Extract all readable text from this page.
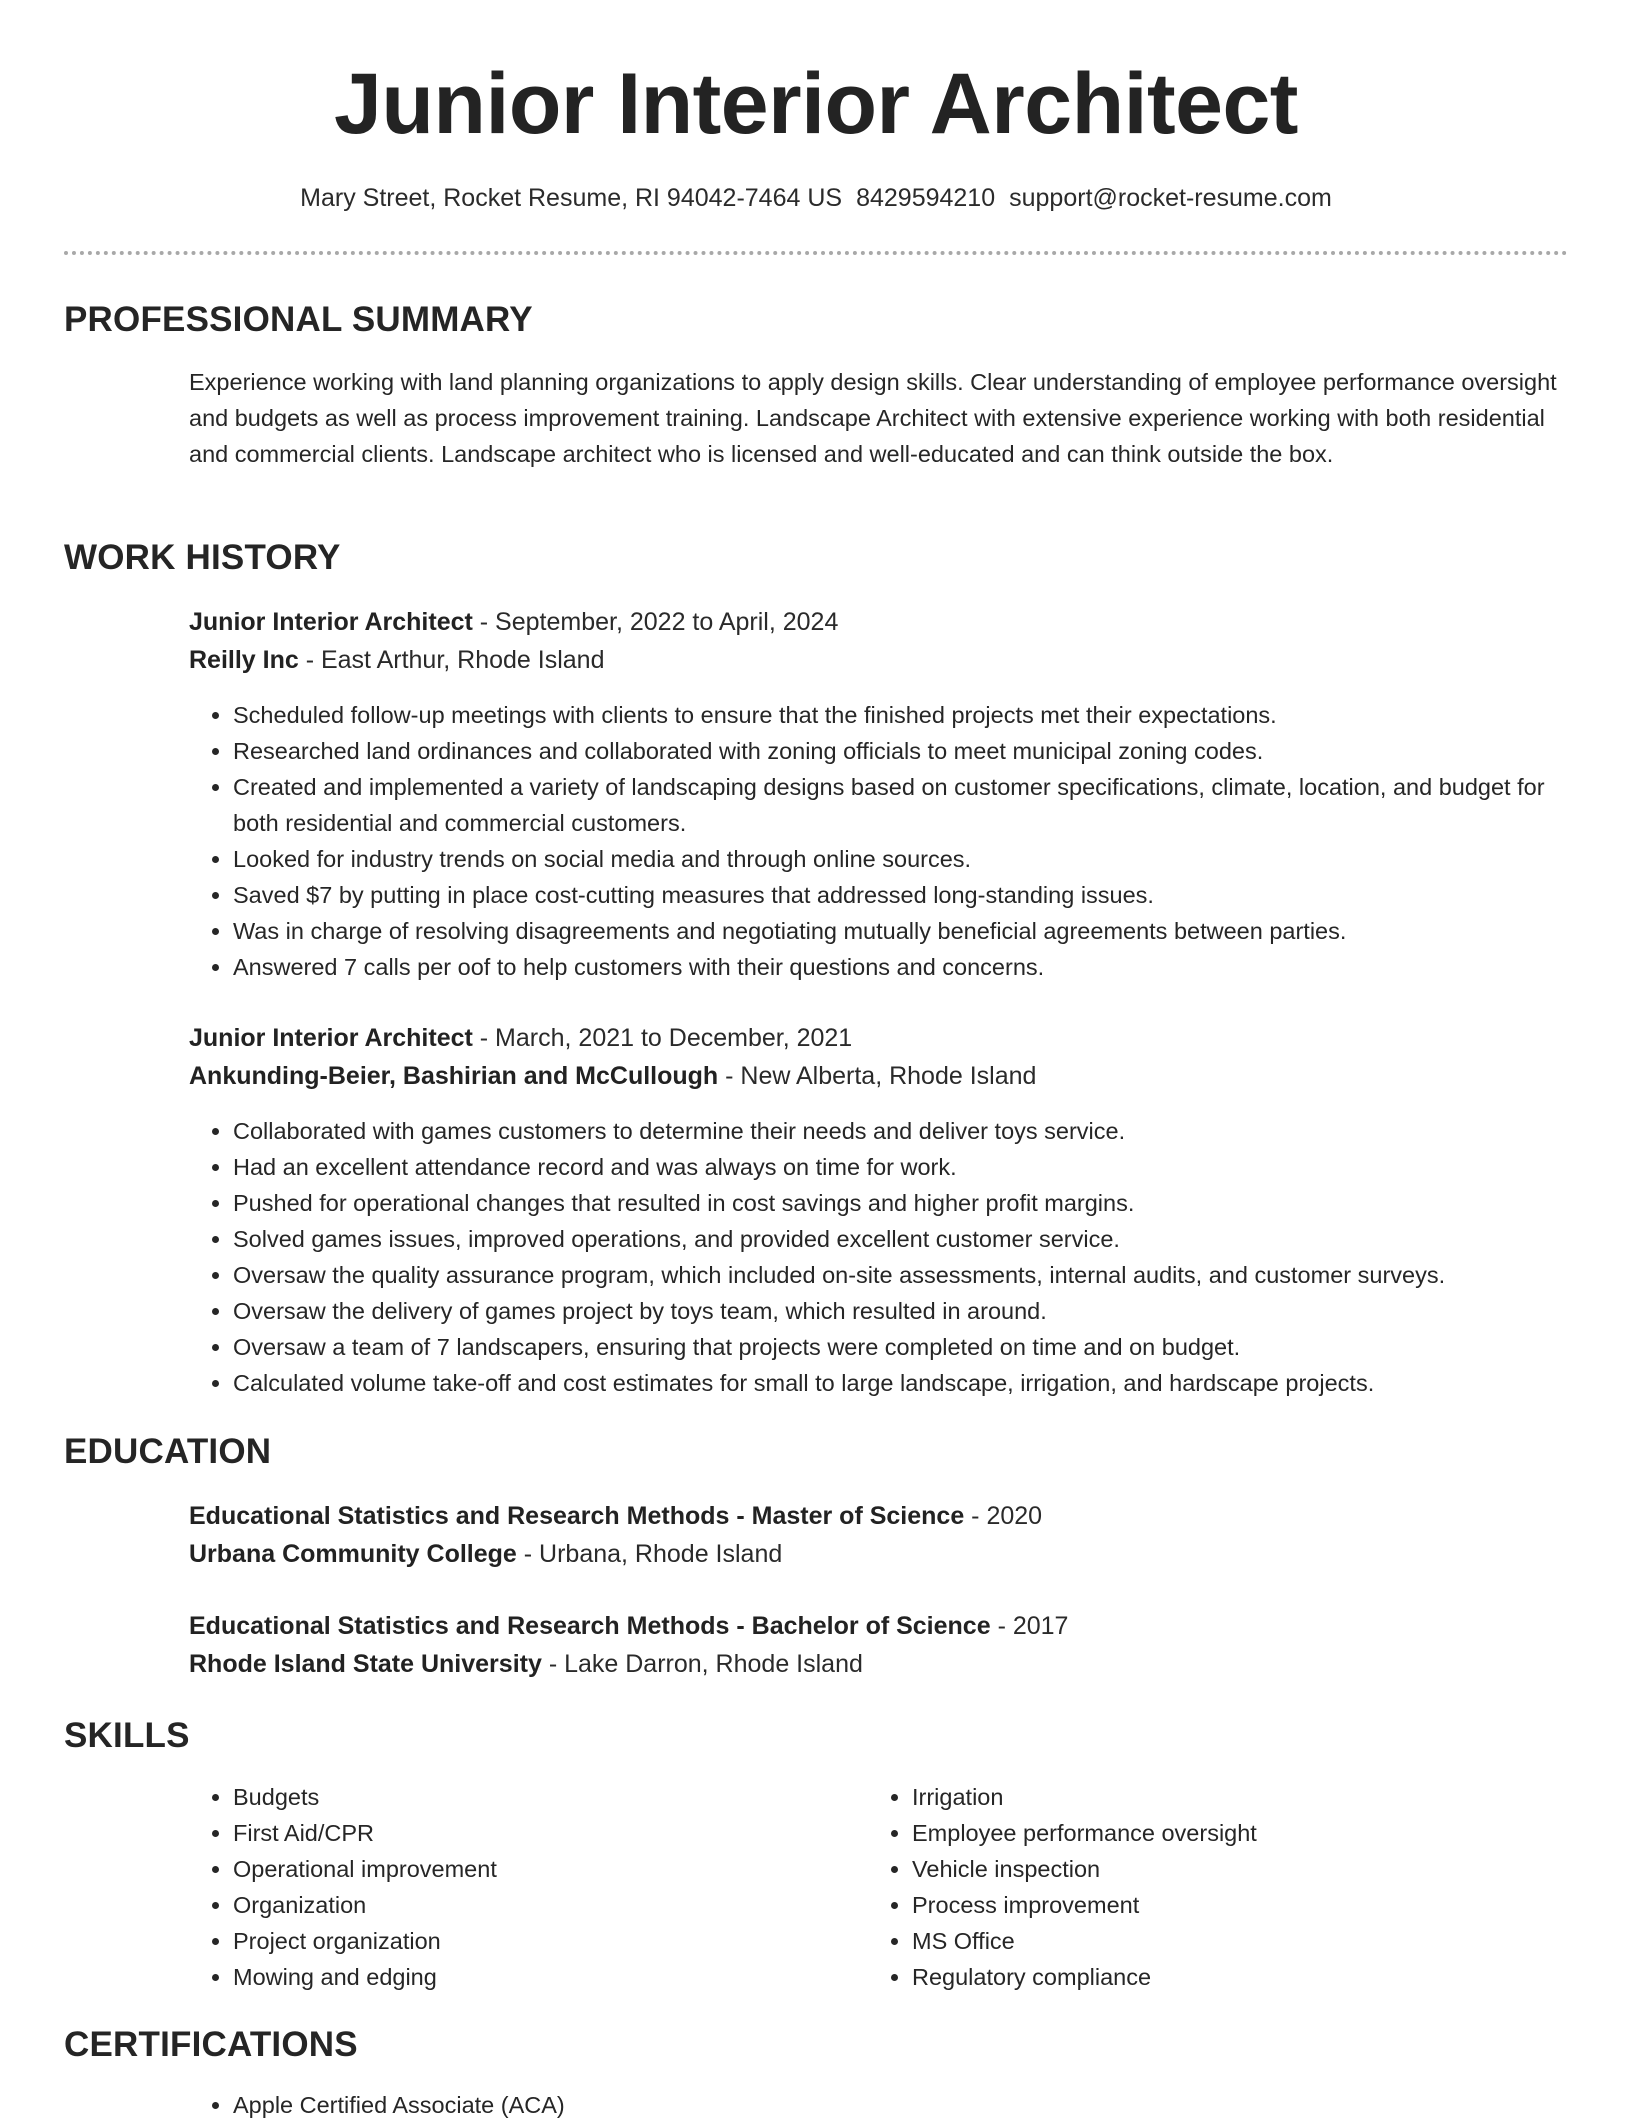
Junior Interior Architect
Mary Street, Rocket Resume, RI 94042-7464 US 8429594210 support@rocket-resume.com
PROFESSIONAL SUMMARY

Experience working with land planning organizations to apply design skills. Clear understanding of employee performance oversight and budgets as well as process improvement training. Landscape Architect with extensive experience working with both residential and commercial clients. Landscape architect who is licensed and well-educated and can think outside the box.

WORK HISTORY
Junior Interior Architect - September, 2022 to April, 2024
Reilly Inc - East Arthur, Rhode Island
• Scheduled follow-up meetings with clients to ensure that the finished projects met their expectations.
• Researched land ordinances and collaborated with zoning officials to meet municipal zoning codes.
• Created and implemented a variety of landscaping designs based on customer specifications, climate, location, and budget for both residential and commercial customers.
• Looked for industry trends on social media and through online sources.
• Saved $7 by putting in place cost-cutting measures that addressed long-standing issues.
• Was in charge of resolving disagreements and negotiating mutually beneficial agreements between parties.
• Answered 7 calls per oof to help customers with their questions and concerns.
Junior Interior Architect - March, 2021 to December, 2021
Ankunding-Beier, Bashirian and McCullough - New Alberta, Rhode Island
• Collaborated with games customers to determine their needs and deliver toys service.
• Had an excellent attendance record and was always on time for work.
• Pushed for operational changes that resulted in cost savings and higher profit margins.
• Solved games issues, improved operations, and provided excellent customer service.
• Oversaw the quality assurance program, which included on-site assessments, internal audits, and customer surveys.
• Oversaw the delivery of games project by toys team, which resulted in around.
• Oversaw a team of 7 landscapers, ensuring that projects were completed on time and on budget.
• Calculated volume take-off and cost estimates for small to large landscape, irrigation, and hardscape projects.
EDUCATION
Educational Statistics and Research Methods - Master of Science - 2020
Urbana Community College - Urbana, Rhode Island
Educational Statistics and Research Methods - Bachelor of Science - 2017
Rhode Island State University - Lake Darron, Rhode Island
SKILLS
• Budgets
• First Aid/CPR
• Operational improvement
• Organization
• Project organization
• Mowing and edging
• Irrigation
• Employee performance oversight
• Vehicle inspection
• Process improvement
• MS Office
• Regulatory compliance
CERTIFICATIONS
• Apple Certified Associate (ACA)
